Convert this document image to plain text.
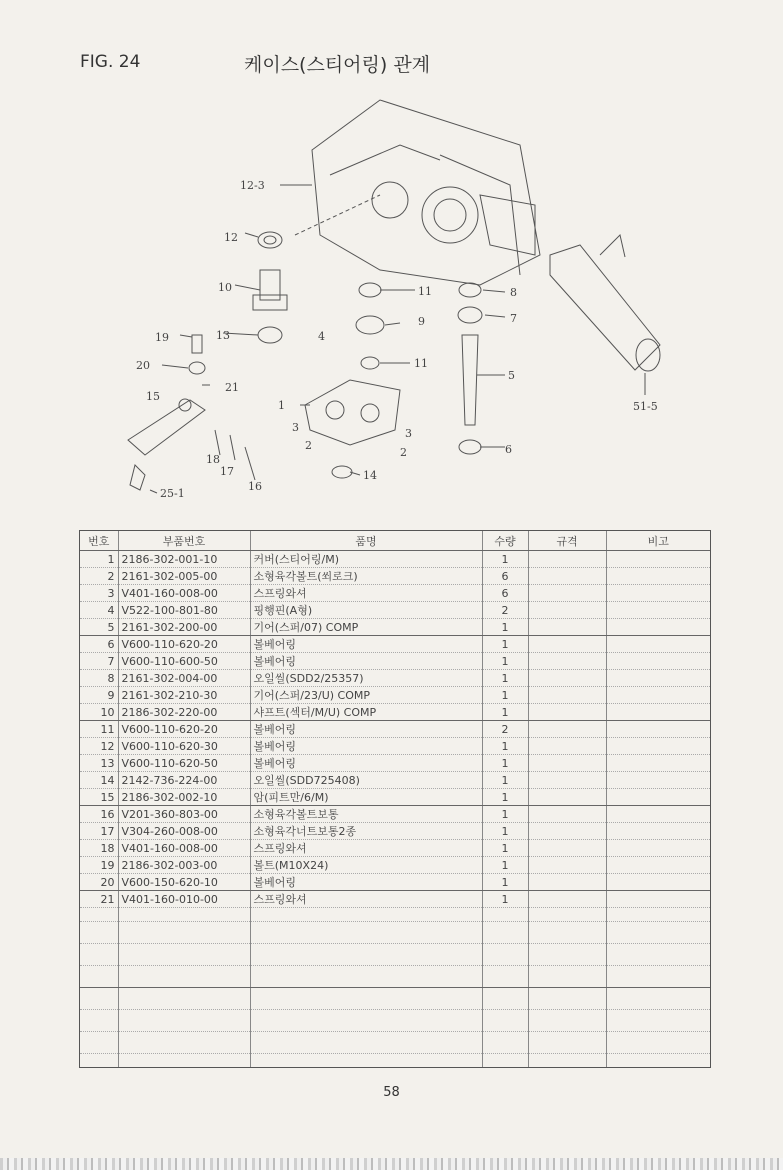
FIG. 24	케이스(스티어링) 관계
12-3
12
10
19
20
13
15
21
4
9
11
11
8
7
5
1
3
2
3
2
18
17
16
14
6
25-1
51-5
번호	부품번호	품명	수량	규격	비고
1	2186-302-001-10	커버(스티어링/M)	1		
2	2161-302-005-00	소형육각볼트(쐬로크)	6		
3	V401-160-008-00	스프링와셔	6		
4	V522-100-801-80	핑행핀(A형)	2		
5	2161-302-200-00	기어(스퍼/07) COMP	1		
6	V600-110-620-20	볼베어링	1		
7	V600-110-600-50	볼베어링	1		
8	2161-302-004-00	오일씰(SDD2/25357)	1		
9	2161-302-210-30	기어(스퍼/23/U) COMP	1		
10	2186-302-220-00	샤프트(섹터/M/U) COMP	1		
11	V600-110-620-20	볼베어링	2		
12	V600-110-620-30	볼베어링	1		
13	V600-110-620-50	볼베어링	1		
14	2142-736-224-00	오일씰(SDD725408)	1		
15	2186-302-002-10	암(피트만/6/M)	1		
16	V201-360-803-00	소형육각볼트보통	1		
17	V304-260-008-00	소형육각너트보통2종	1		
18	V401-160-008-00	스프링와셔	1		
19	2186-302-003-00	볼트(M10X24)	1		
20	V600-150-620-10	볼베어링	1		
21	V401-160-010-00	스프링와셔	1		
58
